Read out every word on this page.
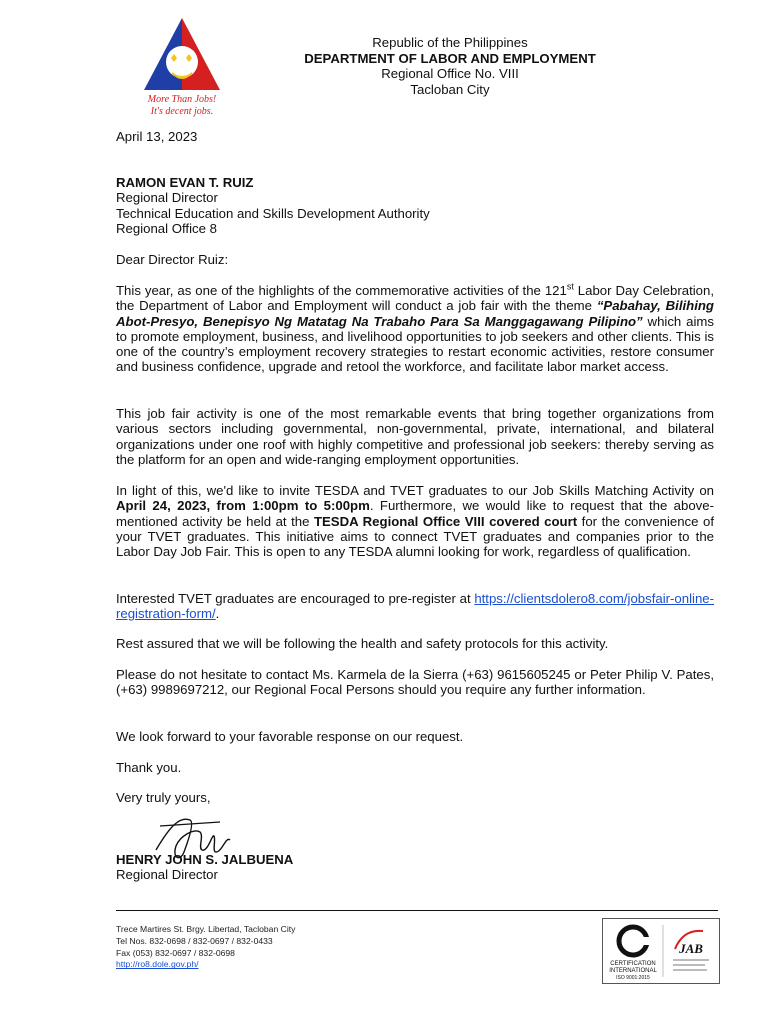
More Than Jobs!
It's decent jobs.
Republic of the Philippines
DEPARTMENT OF LABOR AND EMPLOYMENT
Regional Office No. VIII
Tacloban City
April 13, 2023
RAMON EVAN T. RUIZ
Regional Director
Technical Education and Skills Development Authority
Regional Office 8
Dear Director Ruiz:
This year, as one of the highlights of the commemorative activities of the 121st Labor Day Celebration, the Department of Labor and Employment will conduct a job fair with the theme “Pabahay, Bilihing Abot-Presyo, Benepisyo Ng Matatag Na Trabaho Para Sa Manggagawang Pilipino” which aims to promote employment, business, and livelihood opportunities to job seekers and other clients. This is one of the country’s employment recovery strategies to restart economic activities, restore consumer and business confidence, upgrade and retool the workforce, and facilitate labor market access.
This job fair activity is one of the most remarkable events that bring together organizations from various sectors including governmental, non-governmental, private, international, and bilateral organizations under one roof with highly competitive and professional job seekers: thereby serving as the platform for an open and wide-ranging employment opportunities.
In light of this, we'd like to invite TESDA and TVET graduates to our Job Skills Matching Activity on April 24, 2023, from 1:00pm to 5:00pm. Furthermore, we would like to request that the above-mentioned activity be held at the TESDA Regional Office VIII covered court for the convenience of your TVET graduates. This initiative aims to connect TVET graduates and companies prior to the Labor Day Job Fair. This is open to any TESDA alumni looking for work, regardless of qualification.
Interested TVET graduates are encouraged to pre-register at https://clientsdolero8.com/jobsfair-online-registration-form/.
Rest assured that we will be following the health and safety protocols for this activity.
Please do not hesitate to contact Ms. Karmela de la Sierra (+63) 9615605245 or Peter Philip V. Pates, (+63) 9989697212, our Regional Focal Persons should you require any further information.
We look forward to your favorable response on our request.
Thank you.
Very truly yours,
HENRY JOHN S. JALBUENA
Regional Director
Trece Martires St. Brgy. Libertad, Tacloban City
Tel Nos. 832-0698 / 832-0697 / 832-0433
Fax (053) 832-0697 / 832-0698
http://ro8.dole.gov.ph/	CERTIFICATION
INTERNATIONAL
ISO 9001:2015
JAB
